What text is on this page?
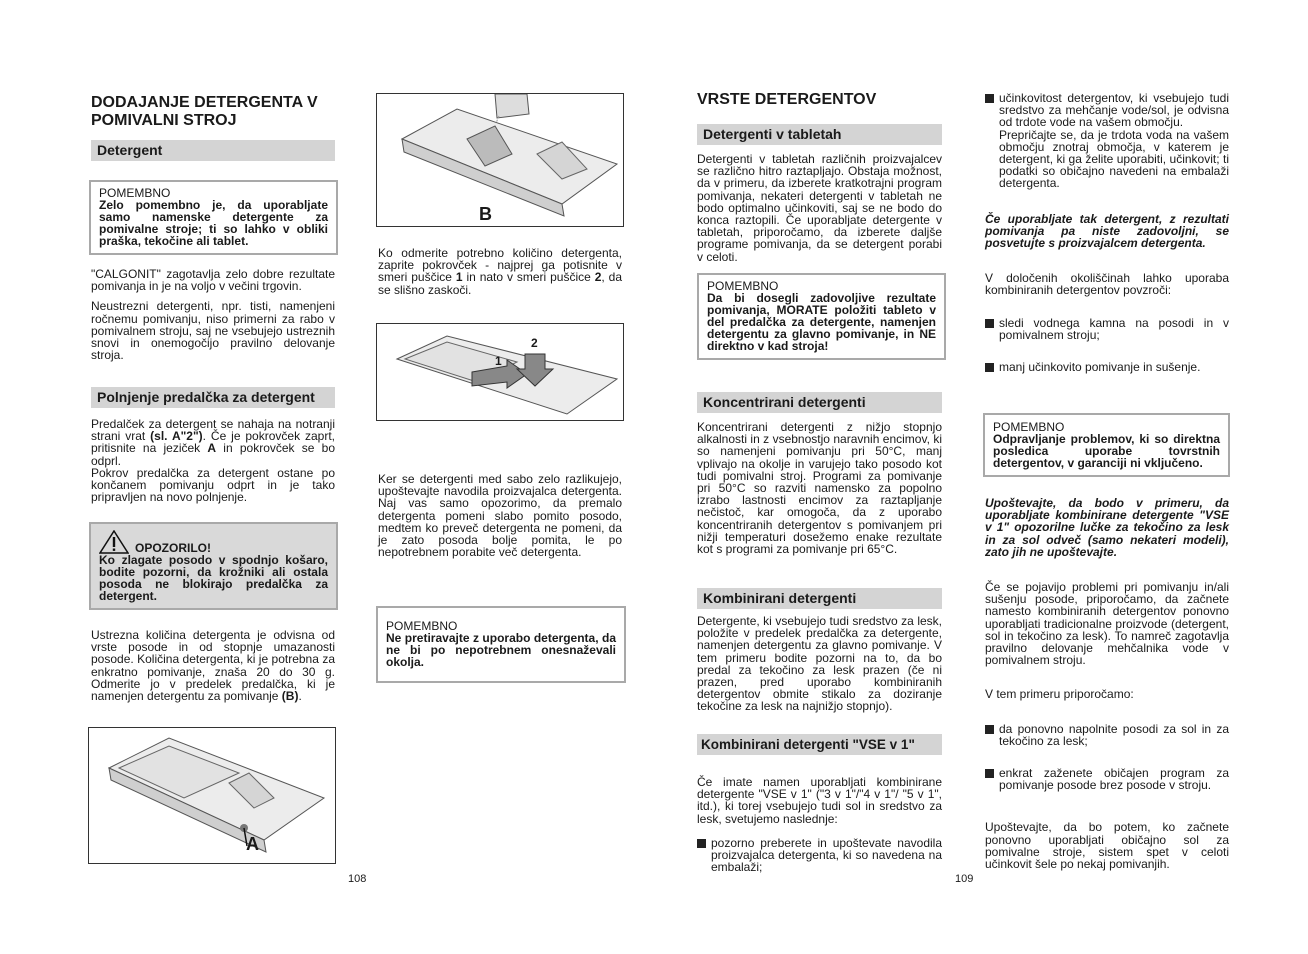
DODAJANJE DETERGENTA V POMIVALNI STROJ
Detergent
POMEMBNO
Zelo pomembno je, da uporabljate samo namenske detergente za pomivalne stroje; ti so lahko v obliki praška, tekočine ali tablet.

"CALGONIT" zagotavlja zelo dobre rezultate pomivanja in je na voljo v večini trgovin.

Neustrezni detergenti, npr. tisti, namenjeni ročnemu pomivanju, niso primerni za rabo v pomivalnem stroju, saj ne vsebujejo ustreznih snovi in onemogočijo pravilno delovanje stroja.

Polnjenje predalčka za detergent

Predalček za detergent se nahaja na notranji strani vrat (sl. A"2"). Če je pokrovček zaprt, pritisnite na jeziček A in pokrovček se bo odprl.

Pokrov predalčka za detergent ostane po končanem pomivanju odprt in je tako pripravljen na novo polnjenje.

OPOZORILO!
Ko zlagate posodo v spodnjo košaro, bodite pozorni, da krožniki ali ostala posoda ne blokirajo predalčka za detergent.
Ustrezna količina detergenta je odvisna od vrste posode in od stopnje umazanosti posode. Količina detergenta, ki je potrebna za enkratno pomivanje, znaša 20 do 30 g. Odmerite jo v predelek predalčka, ki je namenjen detergentu za pomivanje (B).
A
108
B
Ko odmerite potrebno količino detergenta, zaprite pokrovček - najprej ga potisnite v smeri puščice 1 in nato v smeri puščice 2, da se slišno zaskoči.
1
2
Ker se detergenti med sabo zelo razlikujejo, upoštevajte navodila proizvajalca detergenta. Naj vas samo opozorimo, da premalo detergenta pomeni slabo pomito posodo, medtem ko preveč detergenta ne pomeni, da je zato posoda bolje pomita, le po nepotrebnem porabite več detergenta.
POMEMBNO
Ne pretiravajte z uporabo detergenta, da ne bi po nepotrebnem onesnaževali okolja.
VRSTE DETERGENTOV
Detergenti v tabletah

Detergenti v tabletah različnih proizvajalcev se različno hitro raztapljajo. Obstaja možnost, da v primeru, da izberete kratkotrajni program pomivanja, nekateri detergenti v tabletah ne bodo optimalno učinkoviti, saj se ne bodo do konca raztopili. Če uporabljate detergente v tabletah, priporočamo, da izberete daljše programe pomivanja, da se detergent porabi v celoti.

POMEMBNO
Da bi dosegli zadovoljive rezultate pomivanja, MORATE položiti tableto v del predalčka za detergente, namenjen detergentu za glavno pomivanje, in NE direktno v kad stroja!
Koncentrirani detergenti

Koncentrirani detergenti z nižjo stopnjo alkalnosti in z vsebnostjo naravnih encimov, ki so namenjeni pomivanju pri 50°C, manj vplivajo na okolje in varujejo tako posodo kot tudi pomivalni stroj. Programi za pomivanje pri 50°C so razviti namensko za popolno izrabo lastnosti encimov za raztapljanje nečistoč, kar omogoča, da z uporabo koncentriranih detergentov s pomivanjem pri nižji temperaturi dosežemo enake rezultate kot s programi za pomivanje pri 65°C.

Kombinirani detergenti

Detergente, ki vsebujejo tudi sredstvo za lesk, položite v predelek predalčka za detergente, namenjen detergentu za glavno pomivanje. V tem primeru bodite pozorni na to, da bo predal za tekočino za lesk prazen (če ni prazen, pred uporabo kombiniranih detergentov obmite stikalo za doziranje tekočine za lesk na najnižjo stopnjo).

Kombinirani detergenti "VSE v 1"

Če imate namen uporabljati kombinirane detergente "VSE v 1" ("3 v 1"/"4 v 1"/ "5 v 1", itd.), ki torej vsebujejo tudi sol in sredstvo za lesk, svetujemo naslednje:

pozorno preberete in upoštevate navodila proizvajalca detergenta, ki so navedena na embalaži;

109

učinkovitost detergentov, ki vsebujejo tudi sredstvo za mehčanje vode/sol, je odvisna od trdote vode na vašem območju.

Prepričajte se, da je trdota voda na vašem območju znotraj območja, v katerem je detergent, ki ga želite uporabiti, učinkovit; ti podatki so običajno navedeni na embalaži detergenta.

Če uporabljate tak detergent, z rezultati pomivanja pa niste zadovoljni, se posvetujte s proizvajalcem detergenta.

V določenih okoliščinah lahko uporaba kombiniranih detergentov povzroči:

sledi vodnega kamna na posodi in v pomivalnem stroju;

manj učinkovito pomivanje in sušenje.

POMEMBNO
Odpravljanje problemov, ki so direktna posledica uporabe tovrstnih detergentov, v garanciji ni vključeno.

Upoštevajte, da bodo v primeru, da uporabljate kombinirane detergente "VSE v 1" opozorilne lučke za tekočino za lesk in za sol odveč (samo nekateri modeli), zato jih ne upoštevajte.

Če se pojavijo problemi pri pomivanju in/ali sušenju posode, priporočamo, da začnete namesto kombiniranih detergentov ponovno uporabljati tradicionalne proizvode (detergent, sol in tekočino za lesk). To namreč zagotavlja pravilno delovanje mehčalnika vode v pomivalnem stroju.

V tem primeru priporočamo:

da ponovno napolnite posodi za sol in za tekočino za lesk;

enkrat zaženete običajen program za pomivanje posode brez posode v stroju.

Upoštevajte, da bo potem, ko začnete ponovno uporabljati običajno sol za pomivalne stroje, sistem spet v celoti učinkovit šele po nekaj pomivanjih.
